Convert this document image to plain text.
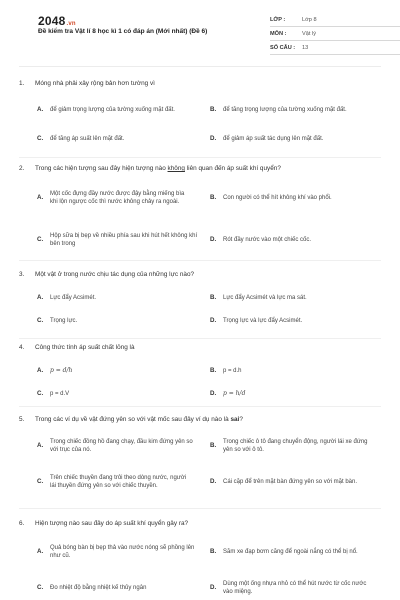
2048.vn
Đề kiểm tra Vật lí 8 học kì 1 có đáp án (Mới nhất) (Đề 6)
LỚP :	Lớp 8
MÔN :	Vật lý
SỐ CÂU :	13
1.	Móng nhà phải xây rộng bản hơn tường vì
A.	để giảm trọng lượng của tường xuống mặt đất.	B.	để tăng trọng lượng của tường xuống mặt đất.
C.	để tăng áp suất lên mặt đất.	D.	để giảm áp suất tác dụng lên mặt đất.
2.	Trong các hiện tượng sau đây hiện tượng nào không liên quan đến áp suất khí quyển?
A.	Một cốc đựng đầy nước được đậy bằng miếng bìa khi lộn ngược cốc thì nước không chảy ra ngoài.
B.	Con người có thể hít không khí vào phổi.
C.	Hộp sữa bị bẹp về nhiều phía sau khi hút hết không khí bên trong
D.	Rót đầy nước vào một chiếc cốc.
3.	Một vật ở trong nước chịu tác dụng của những lực nào?
A.	Lực đẩy Acsimét.	B.	Lực đẩy Acsimét và lực ma sát.
C.	Trọng lực.	D.	Trọng lực và lực đẩy Acsimét.
4.	Công thức tính áp suất chất lỏng là
A.	p = d/h	B.	p = d.h
C.	p = d.V	D.	p = h/d
5.	Trong các ví dụ về vật đứng yên so với vật mốc sau đây ví dụ nào là sai?
A.	Trong chiếc đồng hồ đang chạy, đầu kim đứng yên so với trục của nó.
B.	Trong chiếc ô tô đang chuyển động, người lái xe đứng yên so với ô tô.
C.	Trên chiếc thuyền đang trôi theo dòng nước, người lái thuyền đứng yên so với chiếc thuyền.
D.	Cái cặp để trên mặt bàn đứng yên so với mặt bàn.
6.	Hiện tượng nào sau đây do áp suất khí quyển gây ra?
A.	Quả bóng bàn bị bẹp thả vào nước nóng sẽ phồng lên như cũ.
B.	Săm xe đạp bơm căng để ngoài nắng có thể bị nổ.
C.	Đo nhiệt độ bằng nhiệt kế thủy ngân	D.	Dùng một ống nhựa nhỏ có thể hút nước từ cốc nước vào miệng.
